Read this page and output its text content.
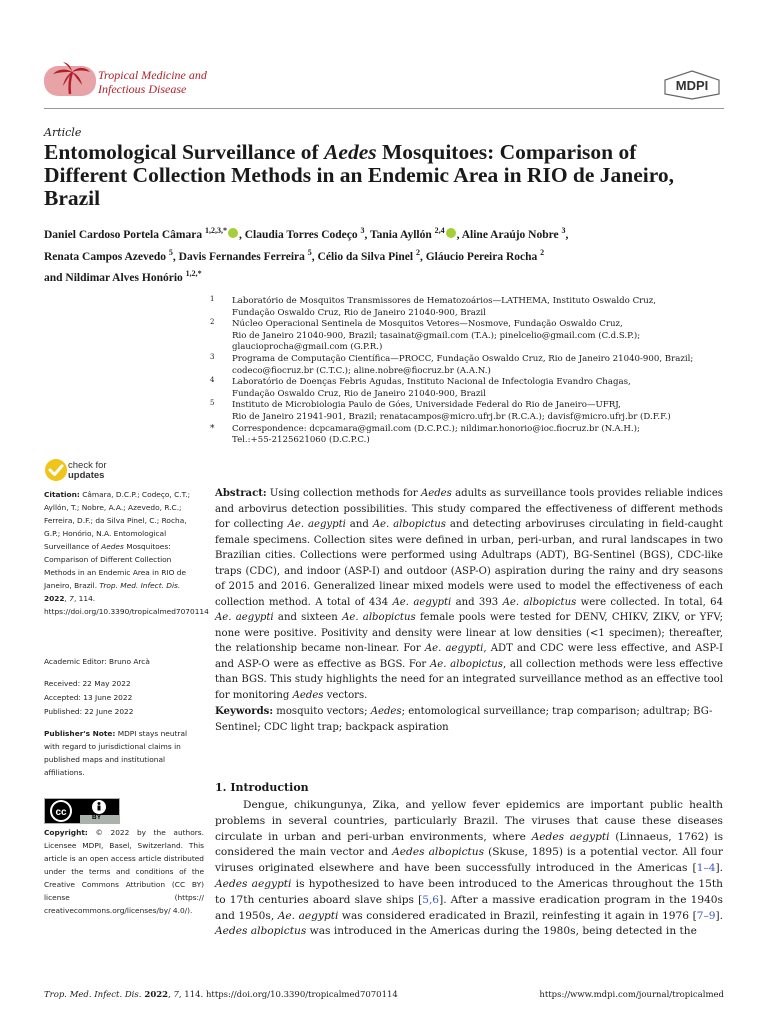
Tropical Medicine and
Infectious Disease	MDPI
Article
Entomological Surveillance of Aedes Mosquitoes: Comparison of Different Collection Methods in an Endemic Area in RIO de Janeiro, Brazil
Daniel Cardoso Portela Câmara $^{1,2,3,*}$ , Claudia Torres Codeço $^3$, Tania Ayllón $^{2,4}$ , Aline Araújo Nobre $^3$,
Renata Campos Azevedo $^5$, Davis Fernandes Ferreira $^5$, Célio da Silva Pinel $^2$, Gláucio Pereira Rocha $^2$
and Nildimar Alves Honório $^{1,2,*}$
1 Laboratório de Mosquitos Transmissores de Hematozoários—LATHEMA, Instituto Oswaldo Cruz,
Fundação Oswaldo Cruz, Rio de Janeiro 21040-900, Brazil
2 Núcleo Operacional Sentinela de Mosquitos Vetores—Nosmove, Fundação Oswaldo Cruz,
Rio de Janeiro 21040-900, Brazil; tasainat@gmail.com (T.A.); pinelcelio@gmail.com (C.d.S.P.);
glaucioprocha@gmail.com (G.P.R.)
3 Programa de Computação Científica—PROCC, Fundação Oswaldo Cruz, Rio de Janeiro 21040-900, Brazil;
codeco@fiocruz.br (C.T.C.); aline.nobre@fiocruz.br (A.A.N.)
4 Laboratório de Doenças Febris Agudas, Instituto Nacional de Infectologia Evandro Chagas,
Fundação Oswaldo Cruz, Rio de Janeiro 21040-900, Brazil
5 Instituto de Microbiologia Paulo de Góes, Universidade Federal do Rio de Janeiro—UFRJ,
Rio de Janeiro 21941-901, Brazil; renatacampos@micro.ufrj.br (R.C.A.); davisf@micro.ufrj.br (D.F.F.)
* Correspondence: dcpcamara@gmail.com (D.C.P.C.); nildimar.honorio@ioc.fiocruz.br (N.A.H.);
Tel.:+55-2125621060 (D.C.P.C.)
check for
updates
Citation: Câmara, D.C.P.; Codeço, C.T.; Ayllón, T.; Nobre, A.A.; Azevedo, R.C.; Ferreira, D.F.; da Silva Pinel, C.; Rocha, G.P.; Honório, N.A. Entomological Surveillance of Aedes Mosquitoes: Comparison of Different Collection Methods in an Endemic Area in RIO de Janeiro, Brazil. Trop. Med. Infect. Dis. 2022, 7, 114. https://doi.org/10.3390/tropicalmed7070114
Academic Editor: Bruno Arcà
Received: 22 May 2022
Accepted: 13 June 2022
Published: 22 June 2022
Publisher's Note: MDPI stays neutral with regard to jurisdictional claims in published maps and institutional affiliations.
cc	BY
Copyright: © 2022 by the authors. Licensee MDPI, Basel, Switzerland. This article is an open access article distributed under the terms and conditions of the Creative Commons Attribution (CC BY) license (https:// creativecommons.org/licenses/by/ 4.0/).
Abstract: Using collection methods for Aedes adults as surveillance tools provides reliable indices and arbovirus detection possibilities. This study compared the effectiveness of different methods for collecting Ae. aegypti and Ae. albopictus and detecting arboviruses circulating in field-caught female specimens. Collection sites were defined in urban, peri-urban, and rural landscapes in two Brazilian cities. Collections were performed using Adultraps (ADT), BG-Sentinel (BGS), CDC-like traps (CDC), and indoor (ASP-I) and outdoor (ASP-O) aspiration during the rainy and dry seasons of 2015 and 2016. Generalized linear mixed models were used to model the effectiveness of each collection method. A total of 434 Ae. aegypti and 393 Ae. albopictus were collected. In total, 64 Ae. aegypti and sixteen Ae. albopictus female pools were tested for DENV, CHIKV, ZIKV, or YFV; none were positive. Positivity and density were linear at low densities (<1 specimen); thereafter, the relationship became non-linear. For Ae. aegypti, ADT and CDC were less effective, and ASP-I and ASP-O were as effective as BGS. For Ae. albopictus, all collection methods were less effective than BGS. This study highlights the need for an integrated surveillance method as an effective tool for monitoring Aedes vectors.
Keywords: mosquito vectors; Aedes; entomological surveillance; trap comparison; adultrap; BG-Sentinel; CDC light trap; backpack aspiration
1. Introduction
Dengue, chikungunya, Zika, and yellow fever epidemics are important public health problems in several countries, particularly Brazil. The viruses that cause these diseases circulate in urban and peri-urban environments, where Aedes aegypti (Linnaeus, 1762) is considered the main vector and Aedes albopictus (Skuse, 1895) is a potential vector. All four viruses originated elsewhere and have been successfully introduced in the Americas [1–4]. Aedes aegypti is hypothesized to have been introduced to the Americas throughout the 15th to 17th centuries aboard slave ships [5,6]. After a massive eradication program in the 1940s and 1950s, Ae. aegypti was considered eradicated in Brazil, reinfesting it again in 1976 [7–9]. Aedes albopictus was introduced in the Americas during the 1980s, being detected in the
Trop. Med. Infect. Dis. 2022, 7, 114. https://doi.org/10.3390/tropicalmed7070114	https://www.mdpi.com/journal/tropicalmed
